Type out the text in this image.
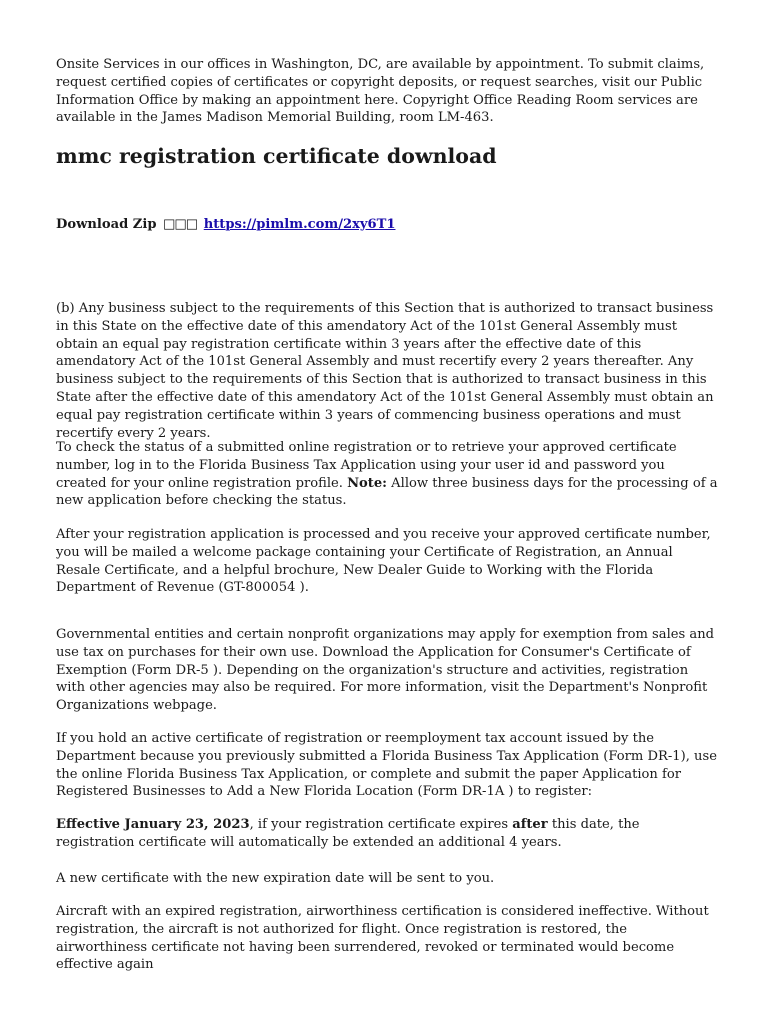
Onsite Services in our offices in Washington, DC, are available by appointment. To submit claims, request certified copies of certificates or copyright deposits, or request searches, visit our Public Information Office by making an appointment here. Copyright Office Reading Room services are available in the James Madison Memorial Building, room LM-463.

mmc registration certificate download
Download Zip □□□ https://pimlm.com/2xy6T1

(b) Any business subject to the requirements of this Section that is authorized to transact business in this State on the effective date of this amendatory Act of the 101st General Assembly must obtain an equal pay registration certificate within 3 years after the effective date of this amendatory Act of the 101st General Assembly and must recertify every 2 years thereafter. Any business subject to the requirements of this Section that is authorized to transact business in this State after the effective date of this amendatory Act of the 101st General Assembly must obtain an equal pay registration certificate within 3 years of commencing business operations and must recertify every 2 years.

To check the status of a submitted online registration or to retrieve your approved certificate number, log in to the Florida Business Tax Application using your user id and password you created for your online registration profile. Note: Allow three business days for the processing of a new application before checking the status.

After your registration application is processed and you receive your approved certificate number, you will be mailed a welcome package containing your Certificate of Registration, an Annual Resale Certificate, and a helpful brochure, New Dealer Guide to Working with the Florida Department of Revenue (GT-800054 ).

Governmental entities and certain nonprofit organizations may apply for exemption from sales and use tax on purchases for their own use. Download the Application for Consumer's Certificate of Exemption (Form DR-5 ). Depending on the organization's structure and activities, registration with other agencies may also be required. For more information, visit the Department's Nonprofit Organizations webpage.

If you hold an active certificate of registration or reemployment tax account issued by the Department because you previously submitted a Florida Business Tax Application (Form DR-1), use the online Florida Business Tax Application, or complete and submit the paper Application for Registered Businesses to Add a New Florida Location (Form DR-1A ) to register:

Effective January 23, 2023, if your registration certificate expires after this date, the registration certificate will automatically be extended an additional 4 years.

A new certificate with the new expiration date will be sent to you.

Aircraft with an expired registration, airworthiness certification is considered ineffective. Without registration, the aircraft is not authorized for flight. Once registration is restored, the airworthiness certificate not having been surrendered, revoked or terminated would become effective again
